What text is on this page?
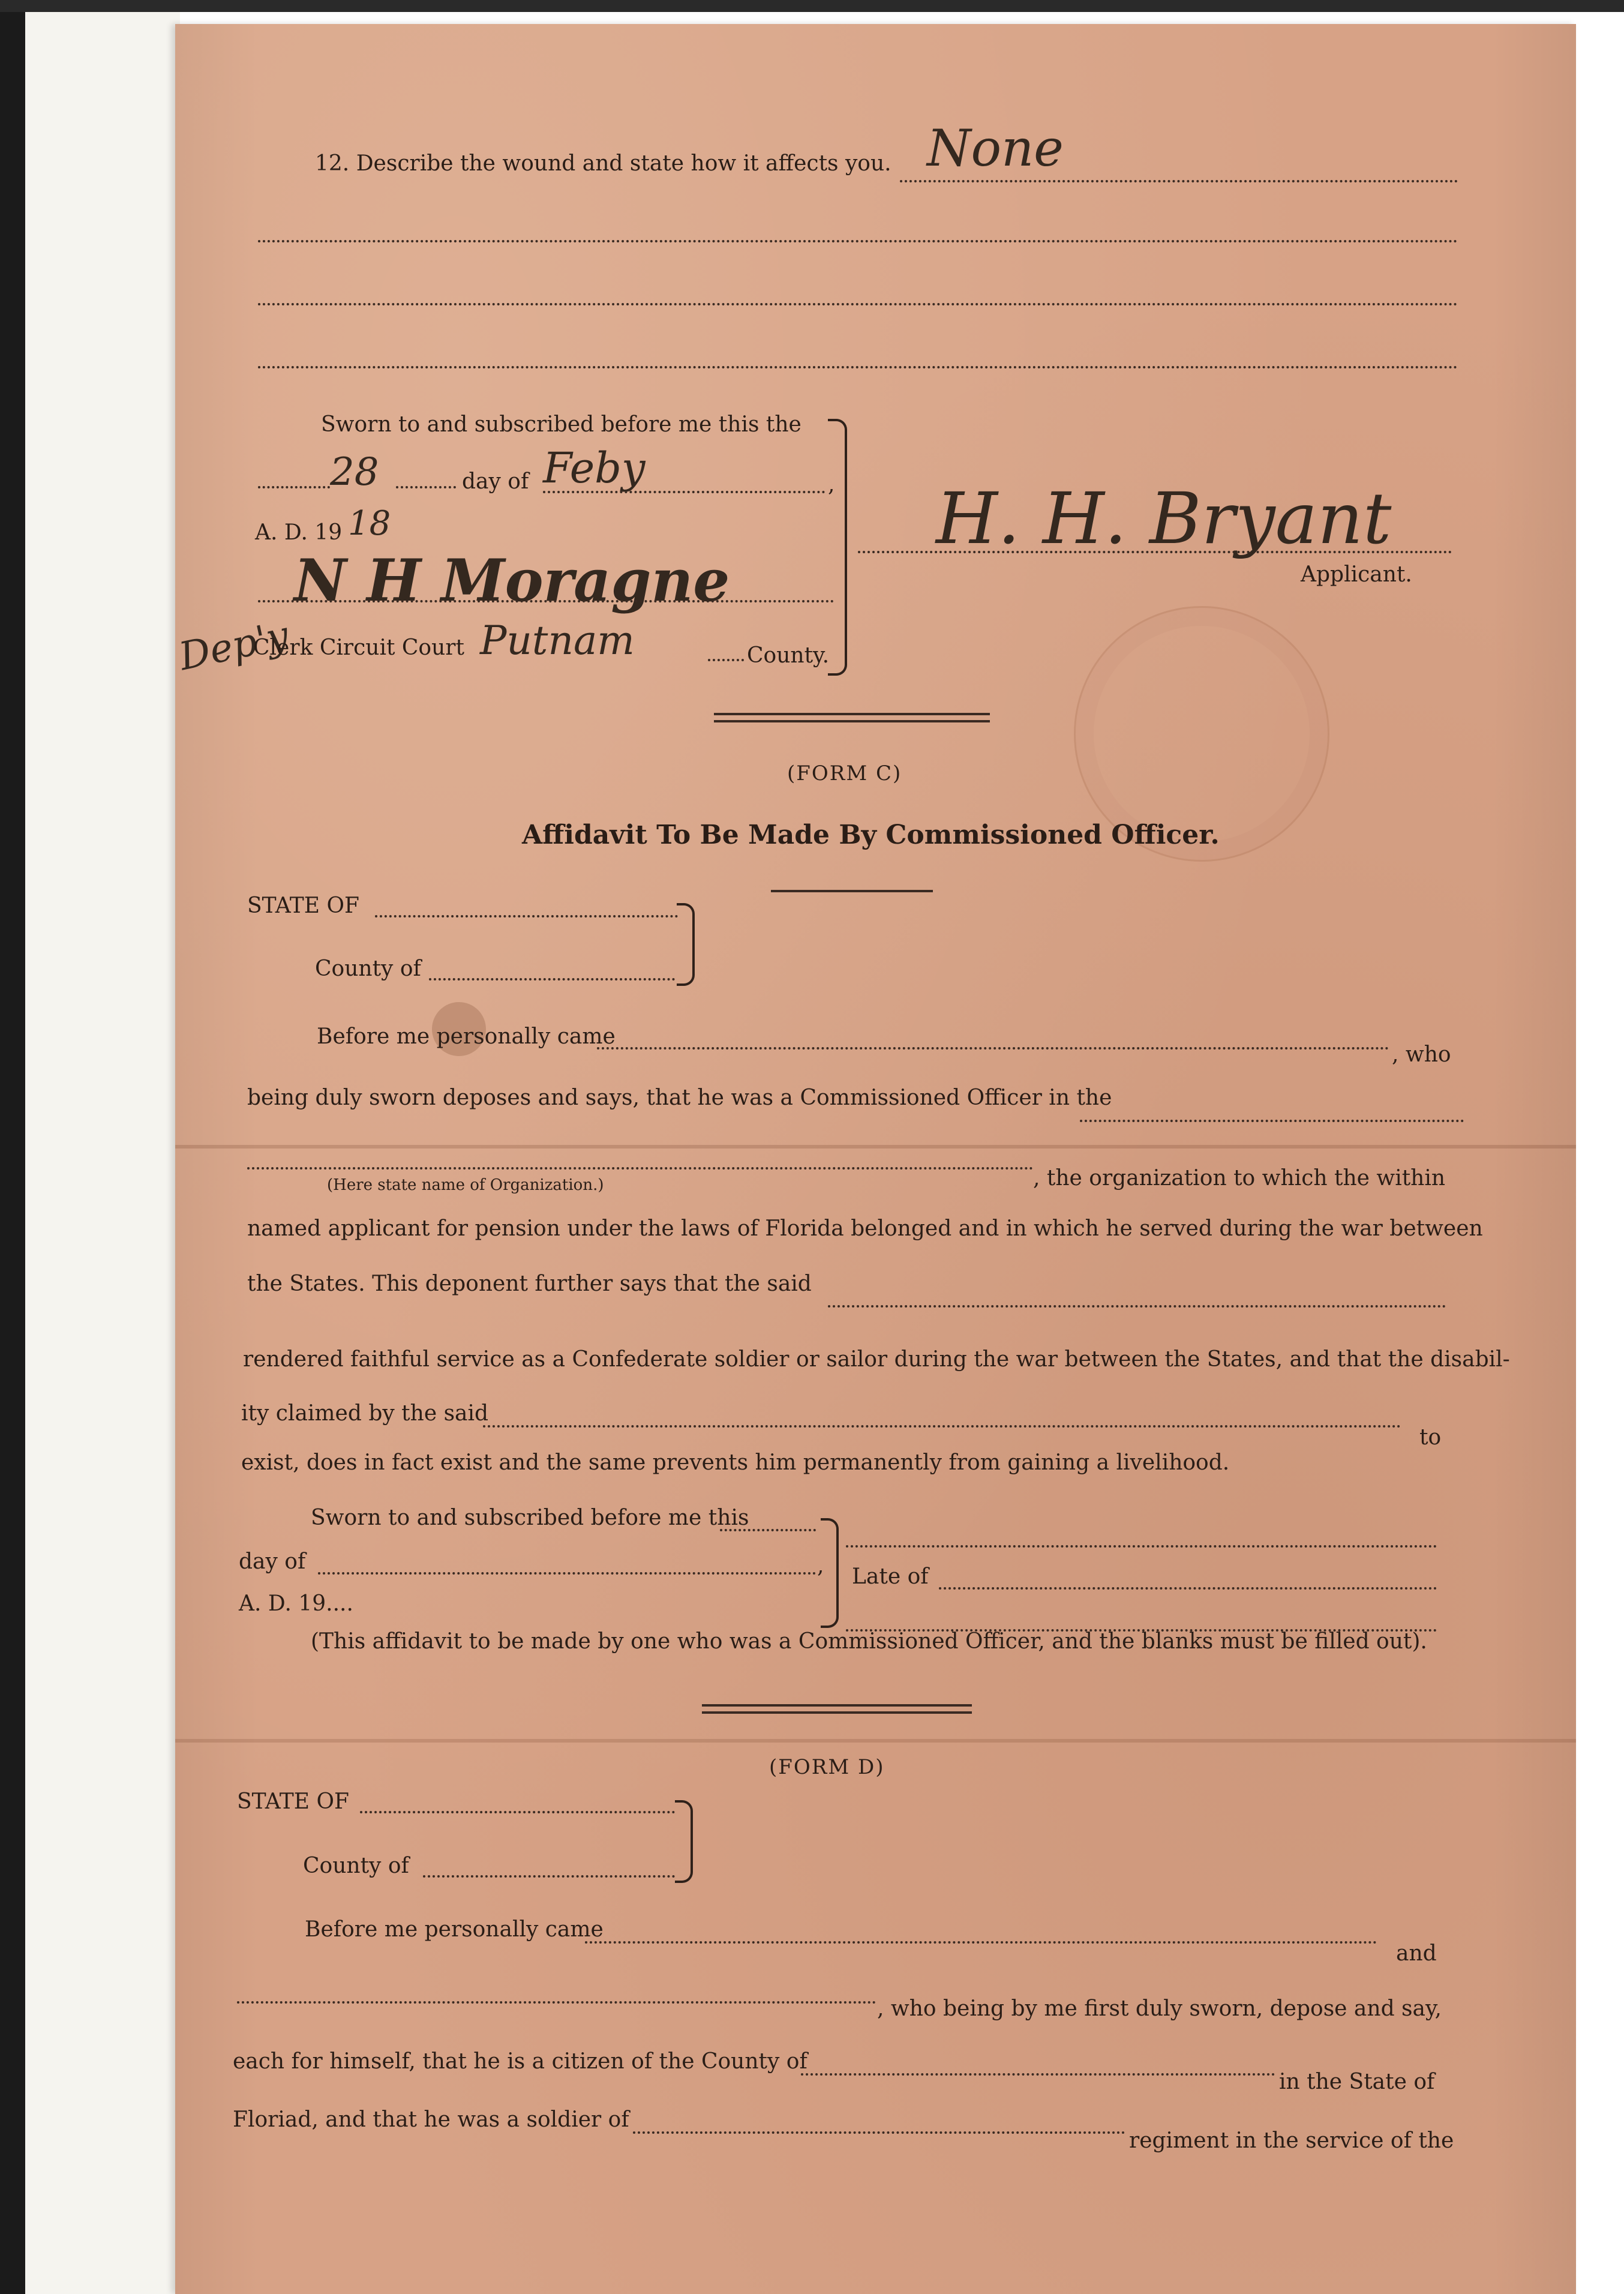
12. Describe the wound and state how it affects you. None
Sworn to and subscribed before me this the
28	day of Feby	,
A. D. 19 18
N H Moragne
Dep'y
Clerk Circuit Court Putnam	County.
H. H. Bryant
Applicant.
(FORM C)
Affidavit To Be Made By Commissioned Officer.
STATE OF
County of
Before me personally came
, who
being duly sworn deposes and says, that he was a Commissioned Officer in the
(Here state name of Organization.)	, the organization to which the within
named applicant for pension under the laws of Florida belonged and in which he served during the war between
the States. This deponent further says that the said
rendered faithful service as a Confederate soldier or sailor during the war between the States, and that the disabil-
ity claimed by the said
to
exist, does in fact exist and the same prevents him permanently from gaining a livelihood.
Sworn to and subscribed before me this
day of	,
A. D. 19....
Late of
(This affidavit to be made by one who was a Commissioned Officer, and the blanks must be filled out).
(FORM D)
STATE OF
County of
Before me personally came
and
, who being by me first duly sworn, depose and say,
each for himself, that he is a citizen of the County of
in the State of
Floriad, and that he was a soldier of
regiment in the service of the
